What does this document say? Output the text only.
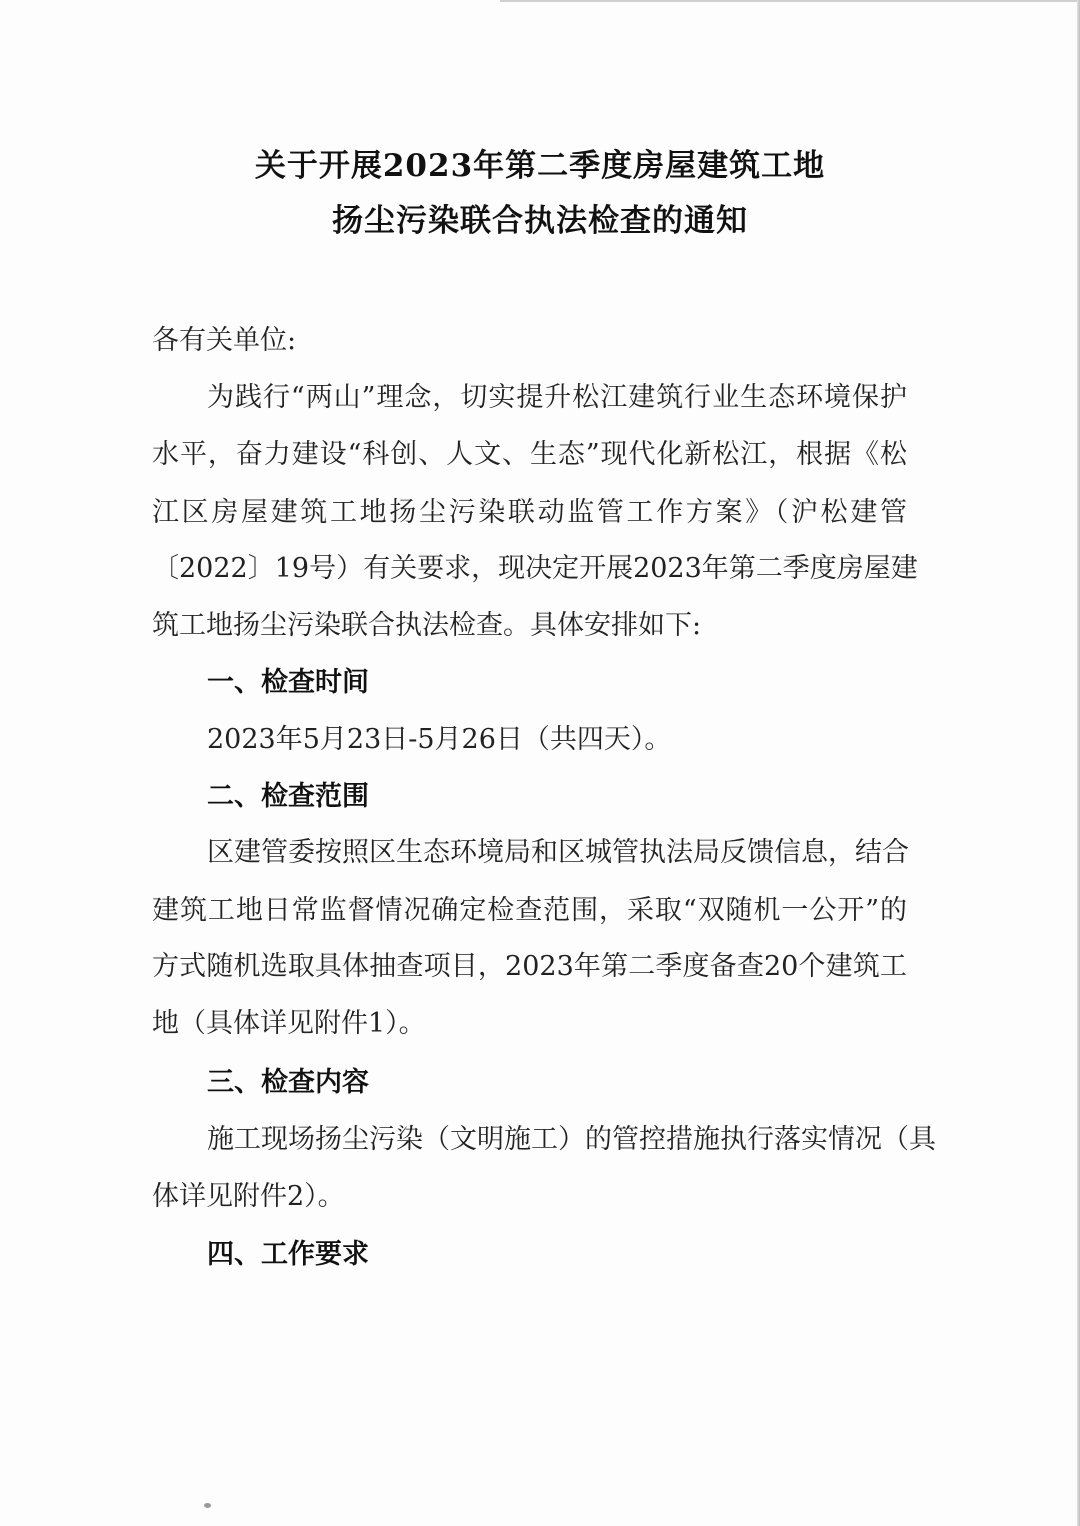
关于开展2023年第二季度房屋建筑工地
扬尘污染联合执法检查的通知
各有关单位:
为践行“两山”理念，切实提升松江建筑行业生态环境保护
水平，奋力建设“科创、人文、生态”现代化新松江，根据《松
江区房屋建筑工地扬尘污染联动监管工作方案》（沪松建管
〔2022〕19号）有关要求，现决定开展2023年第二季度房屋建
筑工地扬尘污染联合执法检查。具体安排如下:
一、检查时间
2023年5月23日-5月26日（共四天）。
二、检查范围
区建管委按照区生态环境局和区城管执法局反馈信息，结合
建筑工地日常监督情况确定检查范围，采取“双随机一公开”的
方式随机选取具体抽查项目，2023年第二季度备查20个建筑工
地（具体详见附件1）。
三、检查内容
施工现场扬尘污染（文明施工）的管控措施执行落实情况（具
体详见附件2）。
四、工作要求
